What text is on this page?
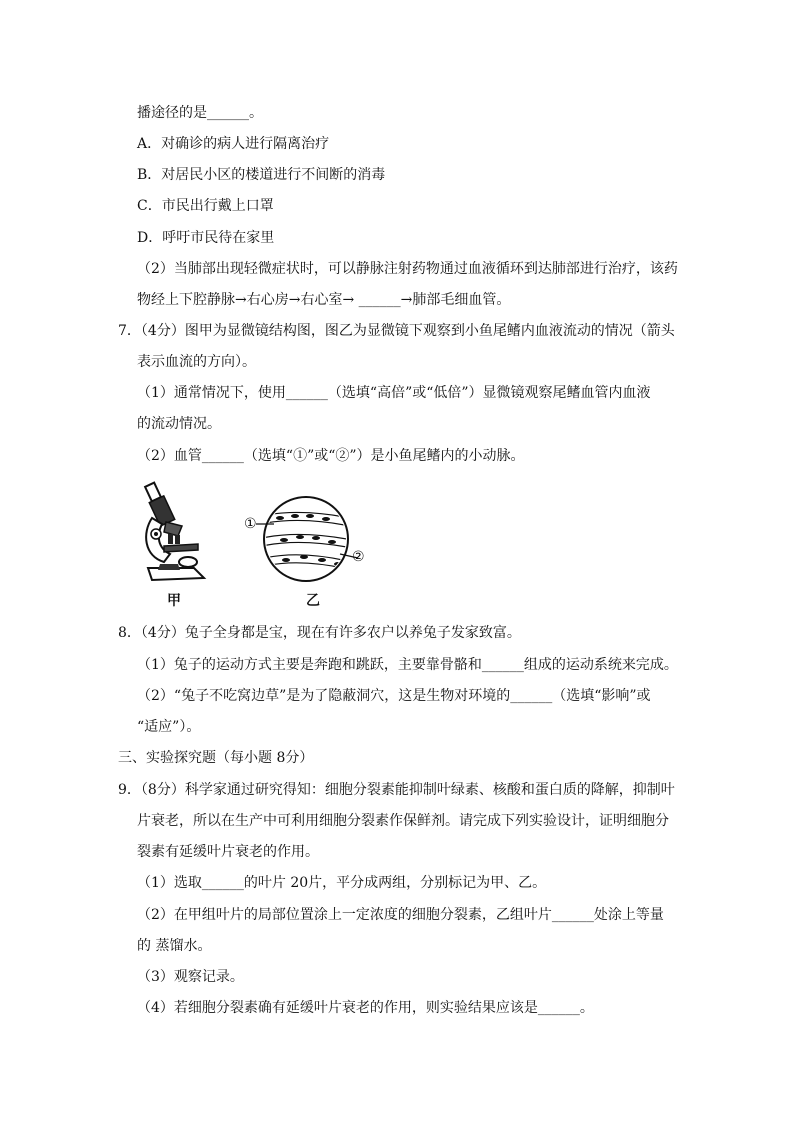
播途径的是______。
A．对确诊的病人进行隔离治疗
B．对居民小区的楼道进行不间断的消毒
C．市民出行戴上口罩
D．呼吁市民待在家里
（2）当肺部出现轻微症状时，可以静脉注射药物通过血液循环到达肺部进行治疗，该药
物经上下腔静脉→右心房→右心室→ ______→肺部毛细血管。
7．（4分）图甲为显微镜结构图，图乙为显微镜下观察到小鱼尾鳍内血液流动的情况（箭头
表示血流的方向）。
（1）通常情况下，使用______（选填“高倍”或“低倍”）显微镜观察尾鳍血管内血液
的流动情况。
（2）血管______（选填“①”或“②”）是小鱼尾鳍内的小动脉。
甲
①
②
乙
8．（4分）兔子全身都是宝，现在有许多农户以养兔子发家致富。
（1）兔子的运动方式主要是奔跑和跳跃，主要靠骨骼和______组成的运动系统来完成。
（2）“兔子不吃窝边草”是为了隐蔽洞穴，这是生物对环境的______（选填“影响”或
“适应”）。
三、实验探究题（每小题 8分）
9．（8分）科学家通过研究得知：细胞分裂素能抑制叶绿素、核酸和蛋白质的降解，抑制叶
片衰老，所以在生产中可利用细胞分裂素作保鲜剂。请完成下列实验设计，证明细胞分
裂素有延缓叶片衰老的作用。
（1）选取______的叶片 20片，平分成两组，分别标记为甲、乙。
（2）在甲组叶片的局部位置涂上一定浓度的细胞分裂素，乙组叶片______处涂上等量
的 蒸馏水。
（3）观察记录。
（4）若细胞分裂素确有延缓叶片衰老的作用，则实验结果应该是______。
